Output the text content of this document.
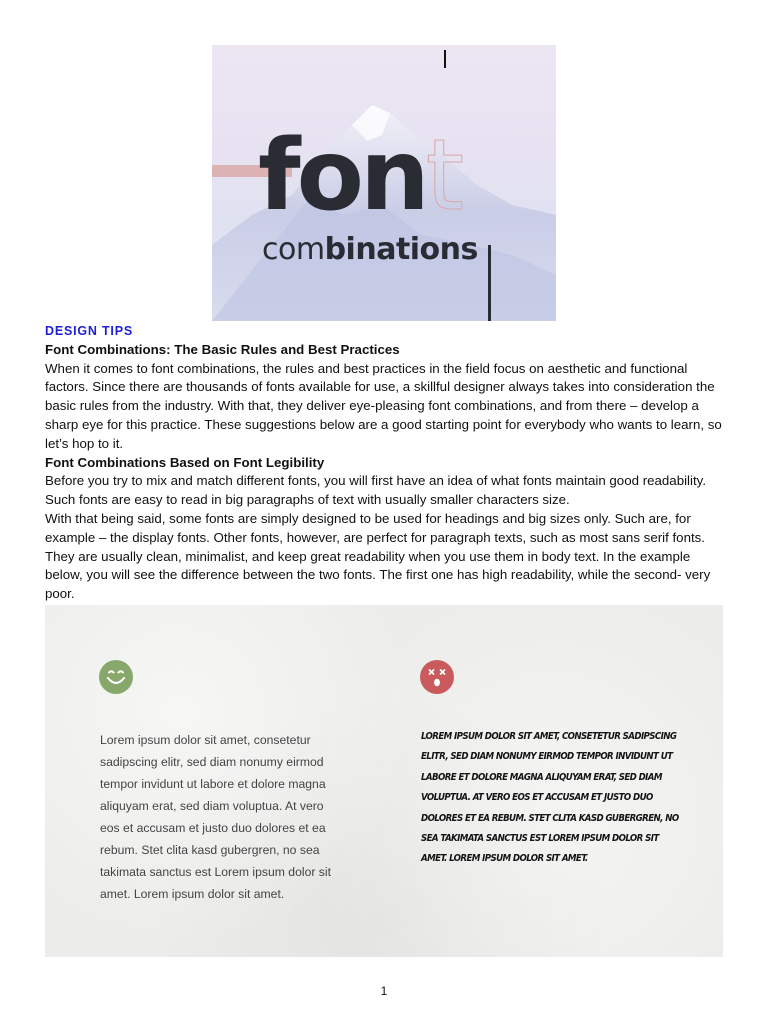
font
combinations

DESIGN TIPS

Font Combinations: The Basic Rules and Best Practices

When it comes to font combinations, the rules and best practices in the field focus on aesthetic and functional factors. Since there are thousands of fonts available for use, a skillful designer always takes into consideration the basic rules from the industry. With that, they deliver eye-pleasing font combinations, and from there – develop a sharp eye for this practice. These suggestions below are a good starting point for everybody who wants to learn, so let’s hop to it.

Font Combinations Based on Font Legibility

Before you try to mix and match different fonts, you will first have an idea of what fonts maintain good readability. Such fonts are easy to read in big paragraphs of text with usually smaller characters size.

With that being said, some fonts are simply designed to be used for headings and big sizes only. Such are, for example – the display fonts. Other fonts, however, are perfect for paragraph texts, such as most sans serif fonts. They are usually clean, minimalist, and keep great readability when you use them in body text. In the example below, you will see the difference between the two fonts. The first one has high readability, while the second- very poor.

Lorem ipsum dolor sit amet, consetetur sadipscing elitr, sed diam nonumy eirmod tempor invidunt ut labore et dolore magna aliquyam erat, sed diam voluptua. At vero eos et accusam et justo duo dolores et ea rebum. Stet clita kasd gubergren, no sea takimata sanctus est Lorem ipsum dolor sit amet. Lorem ipsum dolor sit amet.
LOREM IPSUM DOLOR SIT AMET, CONSETETUR SADIPSCING ELITR, SED DIAM NONUMY EIRMOD TEMPOR INVIDUNT UT LABORE ET DOLORE MAGNA ALIQUYAM ERAT, SED DIAM VOLUPTUA. AT VERO EOS ET ACCUSAM ET JUSTO DUO DOLORES ET EA REBUM. STET CLITA KASD GUBERGREN, NO SEA TAKIMATA SANCTUS EST LOREM IPSUM DOLOR SIT AMET. LOREM IPSUM DOLOR SIT AMET.
1
